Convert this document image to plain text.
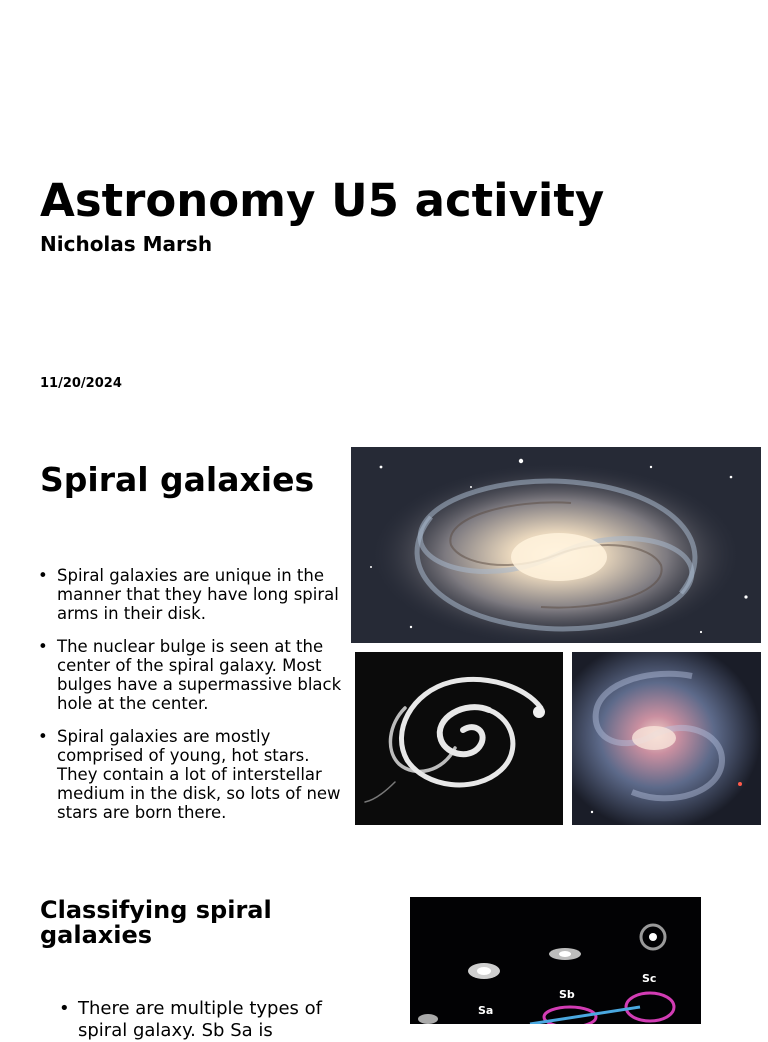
Astronomy U5 activity
Nicholas Marsh

11/20/2024

Spiral galaxies
• Spiral galaxies are unique in the manner that they have long spiral arms in their disk.
• The nuclear bulge is seen at the center of the spiral galaxy. Most bulges have a supermassive black hole at the center.
• Spiral galaxies are mostly comprised of young, hot stars. They contain a lot of interstellar medium in the disk, so lots of new stars are born there.
Classifying spiral galaxies
• There are multiple types of spiral galaxy. Sb Sa is
Sa
Sb
Sc
